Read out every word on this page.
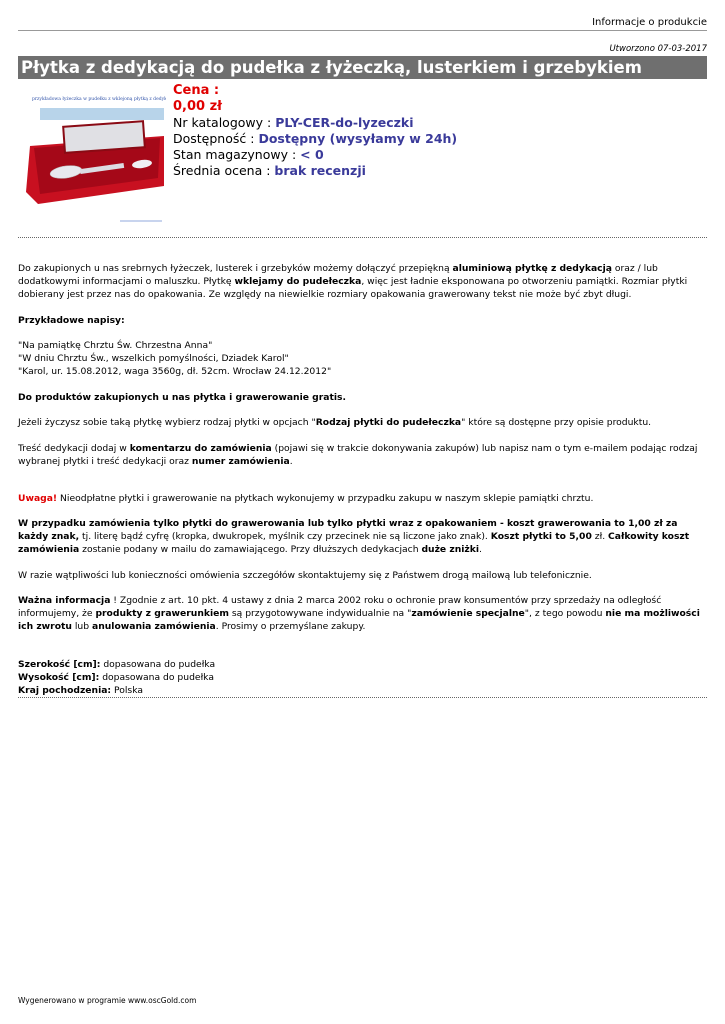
Informacje o produkcie
Utworzono 07-03-2017
Płytka z dedykacją do pudełka z łyżeczką, lusterkiem i grzebykiem
przykładowa łyżeczka w pudełku z wklejoną płytką z dedykacją
Cena :
0,00 zł
Nr katalogowy : PLY-CER-do-lyzeczki
Dostępność : Dostępny (wysyłamy w 24h)
Stan magazynowy : < 0
Średnia ocena : brak recenzji

Do zakupionych u nas srebrnych łyżeczek, lusterek i grzebyków możemy dołączyć przepiękną aluminiową płytkę z dedykacją oraz / lub dodatkowymi informacjami o maluszku. Płytkę wklejamy do pudełeczka, więc jest ładnie eksponowana po otworzeniu pamiątki. Rozmiar płytki dobierany jest przez nas do opakowania. Ze względy na niewielkie rozmiary opakowania grawerowany tekst nie może być zbyt długi.

Przykładowe napisy:

"Na pamiątkę Chrztu Św. Chrzestna Anna"
"W dniu Chrztu Św., wszelkich pomyślności, Dziadek Karol"
"Karol, ur. 15.08.2012, waga 3560g, dł. 52cm. Wrocław 24.12.2012"

Do produktów zakupionych u nas płytka i grawerowanie gratis.

Jeżeli życzysz sobie taką płytkę wybierz rodzaj płytki w opcjach "Rodzaj płytki do pudełeczka" które są dostępne przy opisie produktu.

Treść dedykacji dodaj w komentarzu do zamówienia (pojawi się w trakcie dokonywania zakupów) lub napisz nam o tym e-mailem podając rodzaj wybranej płytki i treść dedykacji oraz numer zamówienia.

Uwaga! Nieodpłatne płytki i grawerowanie na płytkach wykonujemy w przypadku zakupu w naszym sklepie pamiątki chrztu.

W przypadku zamówienia tylko płytki do grawerowania lub tylko płytki wraz z opakowaniem - koszt grawerowania to 1,00 zł za każdy znak, tj. literę bądź cyfrę (kropka, dwukropek, myślnik czy przecinek nie są liczone jako znak). Koszt płytki to 5,00 zł. Całkowity koszt zamówienia zostanie podany w mailu do zamawiającego. Przy dłuższych dedykacjach duże zniżki.

W razie wątpliwości lub konieczności omówienia szczegółów skontaktujemy się z Państwem drogą mailową lub telefonicznie.

Ważna informacja ! Zgodnie z art. 10 pkt. 4 ustawy z dnia 2 marca 2002 roku o ochronie praw konsumentów przy sprzedaży na odległość informujemy, że produkty z grawerunkiem są przygotowywane indywidualnie na "zamówienie specjalne", z tego powodu nie ma możliwości ich zwrotu lub anulowania zamówienia. Prosimy o przemyślane zakupy.

Szerokość [cm]: dopasowana do pudełka
Wysokość [cm]: dopasowana do pudełka
Kraj pochodzenia: Polska
Wygenerowano w programie www.oscGold.com
